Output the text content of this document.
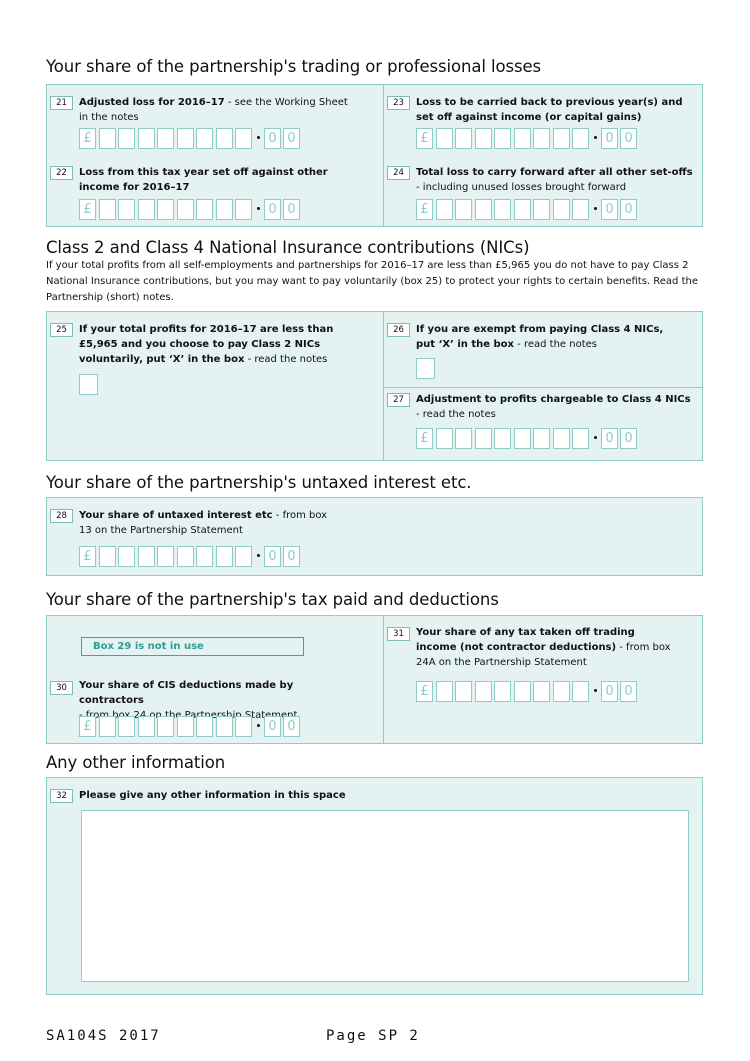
Your share of the partnership's trading or professional losses
21	Adjusted loss for 2016–17 - see the Working Sheet in the notes
£	0 0
22	Loss from this tax year set off against other income for 2016–17
£	0 0
23	Loss to be carried back to previous year(s) and set off against income (or capital gains)
£	0 0
24	Total loss to carry forward after all other set-offs
- including unused losses brought forward
£	0 0
Class 2 and Class 4 National Insurance contributions (NICs)
If your total profits from all self-employments and partnerships for 2016–17 are less than £5,965 you do not have to pay Class 2 National Insurance contributions, but you may want to pay voluntarily (box 25) to protect your rights to certain benefits. Read the Partnership (short) notes.
25	If your total profits for 2016–17 are less than £5,965 and you choose to pay Class 2 NICs voluntarily, put ‘X’ in the box - read the notes
26	If you are exempt from paying Class 4 NICs, put ‘X’ in the box - read the notes
27	Adjustment to profits chargeable to Class 4 NICs
- read the notes
£	0 0
Your share of the partnership's untaxed interest etc.
28	Your share of untaxed interest etc - from box 13 on the Partnership Statement
£	0 0
Your share of the partnership's tax paid and deductions
Box 29 is not in use
30	Your share of CIS deductions made by contractors
from on Partnership
£	0 0
31	Your share of any tax taken off trading income (not contractor deductions) - from box 24A on the Partnership Statement
£	0 0
Any other information
32	Please give any other information in this space
SA104S 2017	Page SP 2
